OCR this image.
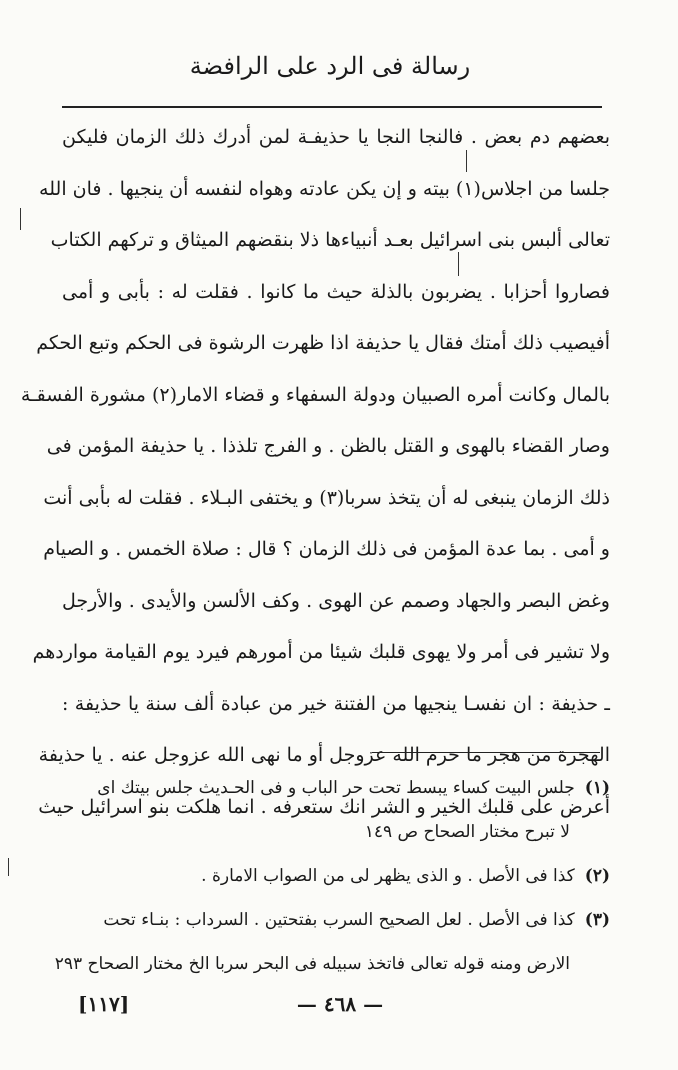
رسالة فى الرد على الرافضة
بعضهم دم بعض . فالنجا النجا يا حذيفـة لمن أدرك ذلك الزمان فليكن
جلسا من اجلاس(١) بيته و إن يكن عادته وهواه لنفسه أن ينجيها . فان الله
تعالى ألبس بنى اسرائيل بعـد أنبياءها ذلا بنقضهم الميثاق و تركهم الكتاب
فصاروا أحزابا . يضربون بالذلة حيث ما كانوا . فقلت له : بأبى و أمى
أفيصيب ذلك أمتك فقال يا حذيفة اذا ظهرت الرشوة فى الحكم وتبع الحكم
بالمال وكانت أمره الصبيان ودولة السفهاء و قضاء الامار(٢) مشورة الفسقـة
وصار القضاء بالهوى و القتل بالظن . و الفرج تلذذا . يا حذيفة المؤمن فى
ذلك الزمان ينبغى له أن يتخذ سربا(٣) و يختفى البـلاء . فقلت له بأبى أنت
و أمى . بما عدة المؤمن فى ذلك الزمان ؟ قال : صلاة الخمس . و الصيام
وغض البصر والجهاد وصمم عن الهوى . وكف الألسن والأيدى . والأرجل
ولا تشير فى أمر ولا يهوى قلبك شيئا من أمورهم فيرد يوم القيامة مواردهم
ـ حذيفة : ان نفسـا ينجيها من الفتنة خير من عبادة ألف سنة يا حذيفة :
الهجرة من هجر ما حرم الله عزوجل أو ما نهى الله عزوجل عنه . يا حذيفة
أعرض على قلبك الخير و الشر انك ستعرفه . انما هلكت بنو اسرائيل حيث
(١)جلس البيت كساء يبسط تحت حر الباب و فى الحـديث جلس بيتك اى
لا تبرح مختار الصحاح ص ١٤٩
(٢)كذا فى الأصل . و الذى يظهر لى من الصواب الامارة .
(٣)كذا فى الأصل . لعل الصحيح السرب بفتحتين . السرداب : بنـاء تحت
الارض ومنه قوله تعالى فاتخذ سبيله فى البحر سربا الخ مختار الصحاح ٢٩٣
— ٤٦٨ —
[١١٧]
